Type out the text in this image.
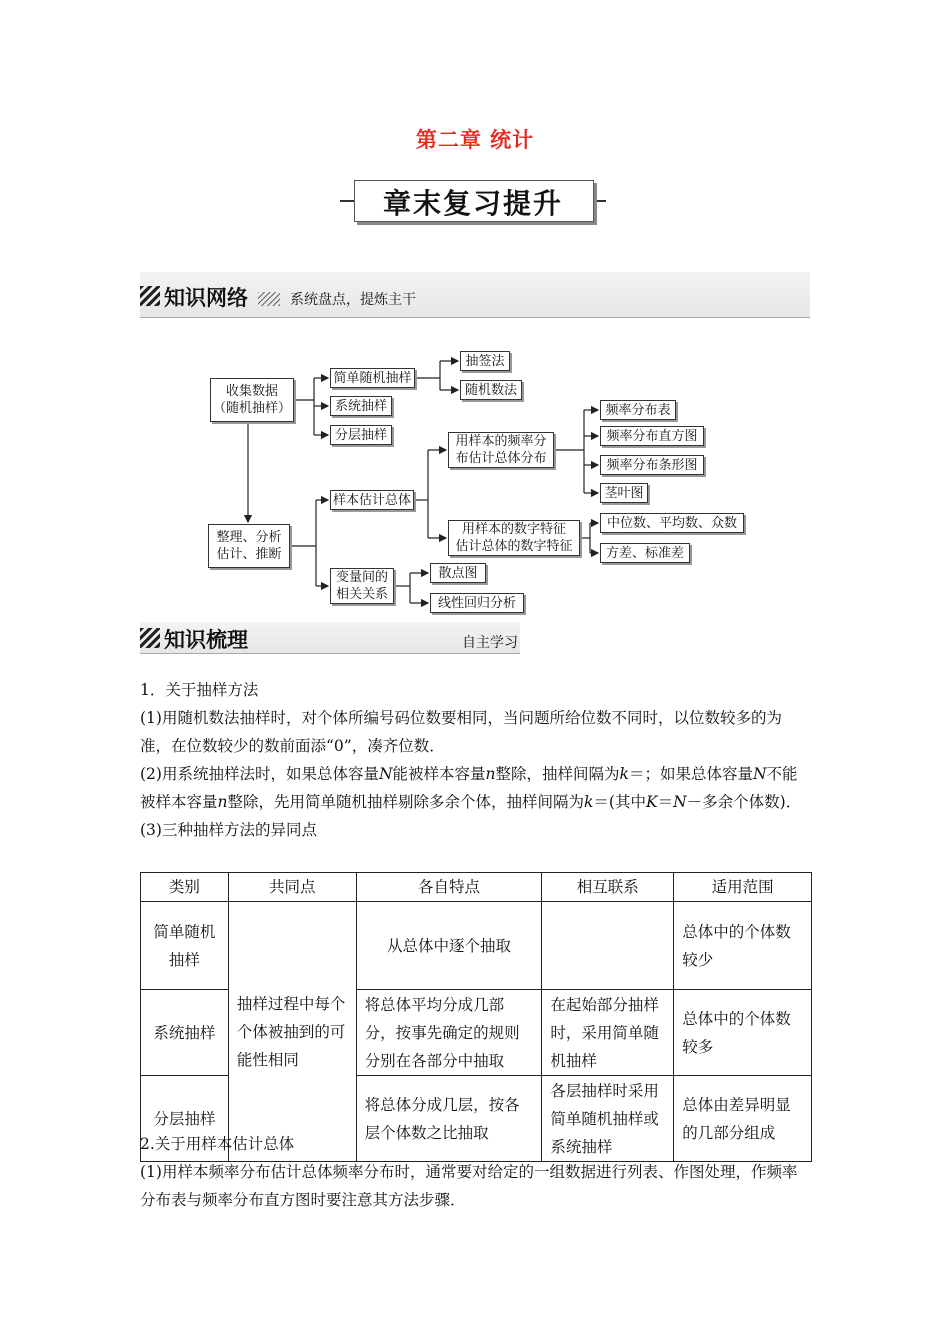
第二章 统计
章末复习提升
知识网络	系统盘点，提炼主干
收集数据
（随机抽样）
简单随机抽样
抽签法
随机数法
系统抽样
分层抽样
整理、分析
估计、推断
样本估计总体
用样本的频率分
布估计总体分布
频率分布表
频率分布直方图
频率分布条形图
茎叶图
用样本的数字特征
估计总体的数字特征
中位数、平均数、众数
方差、标准差
变量间的
相关关系
散点图
线性回归分析
知识梳理	自主学习

1．关于抽样方法

(1)用随机数法抽样时，对个体所编号码位数要相同，当问题所给位数不同时，以位数较多的为准，在位数较少的数前面添“0”，凑齐位数．

(2)用系统抽样法时，如果总体容量N能被样本容量n整除，抽样间隔为k＝；如果总体容量N不能被样本容量n整除，先用简单随机抽样剔除多余个体，抽样间隔为k＝(其中K＝N－多余个体数)．

(3)三种抽样方法的异同点

类别	共同点	各自特点	相互联系	适用范围
简单随机抽样	抽样过程中每个个体被抽到的可能性相同	从总体中逐个抽取		总体中的个体数较少
系统抽样		将总体平均分成几部分，按事先确定的规则分别在各部分中抽取	在起始部分抽样时，采用简单随机抽样	总体中的个体数较多
分层抽样		将总体分成几层，按各层个体数之比抽取	各层抽样时采用简单随机抽样或系统抽样	总体由差异明显的几部分组成

2.关于用样本估计总体

(1)用样本频率分布估计总体频率分布时，通常要对给定的一组数据进行列表、作图处理，作频率分布表与频率分布直方图时要注意其方法步骤．
